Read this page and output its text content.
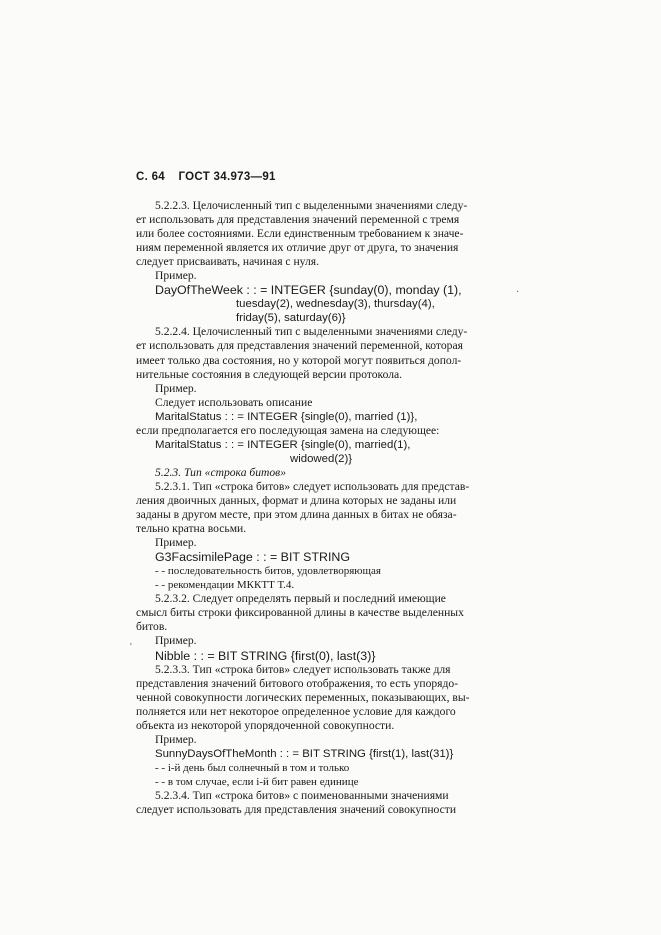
С. 64 ГОСТ 34.973—91

5.2.2.3. Целочисленный тип с выделенными значениями следу-

ет использовать для представления значений переменной с тремя

или более состояниями. Если единственным требованием к значе-

ниям переменной является их отличие друг от друга, то значения

следует присваивать, начиная с нуля.

Пример.

DayOfTheWeek : : = INTEGER {sunday(0), monday (1),

tuesday(2), wednesday(3), thursday(4),

friday(5), saturday(6)}

5.2.2.4. Целочисленный тип с выделенными значениями следу-

ет использовать для представления значений переменной, которая

имеет только два состояния, но у которой могут появиться допол-

нительные состояния в следующей версии протокола.

Пример.

Следует использовать описание

MaritalStatus : : = INTEGER {single(0), married (1)},

если предполагается его последующая замена на следующее:

MaritalStatus : : = INTEGER {single(0), married(1),

widowed(2)}

5.2.3. Тип «строка битов»

5.2.3.1. Тип «строка битов» следует использовать для представ-

ления двоичных данных, формат и длина которых не заданы или

заданы в другом месте, при этом длина данных в битах не обяза-

тельно кратна восьми.

Пример.

G3FacsimilePage : : = BIT STRING

- - последовательность битов, удовлетворяющая

- - рекомендации МККТТ Т.4.

5.2.3.2. Следует определять первый и последний имеющие

смысл биты строки фиксированной длины в качестве выделенных

битов.

Пример.

Nibble : : = BIT STRING {first(0), last(3)}

5.2.3.3. Тип «строка битов» следует использовать также для

представления значений битового отображения, то есть упорядо-

ченной совокупности логических переменных, показывающих, вы-

полняется или нет некоторое определенное условие для каждого

объекта из некоторой упорядоченной совокупности.

Пример.

SunnyDaysOfTheMonth : : = BIT STRING {first(1), last(31)}

- - i-й день был солнечный в том и только

- - в том случае, если i-й бит равен единице

5.2.3.4. Тип «строка битов» с поименованными значениями

следует использовать для представления значений совокупности

'
·
